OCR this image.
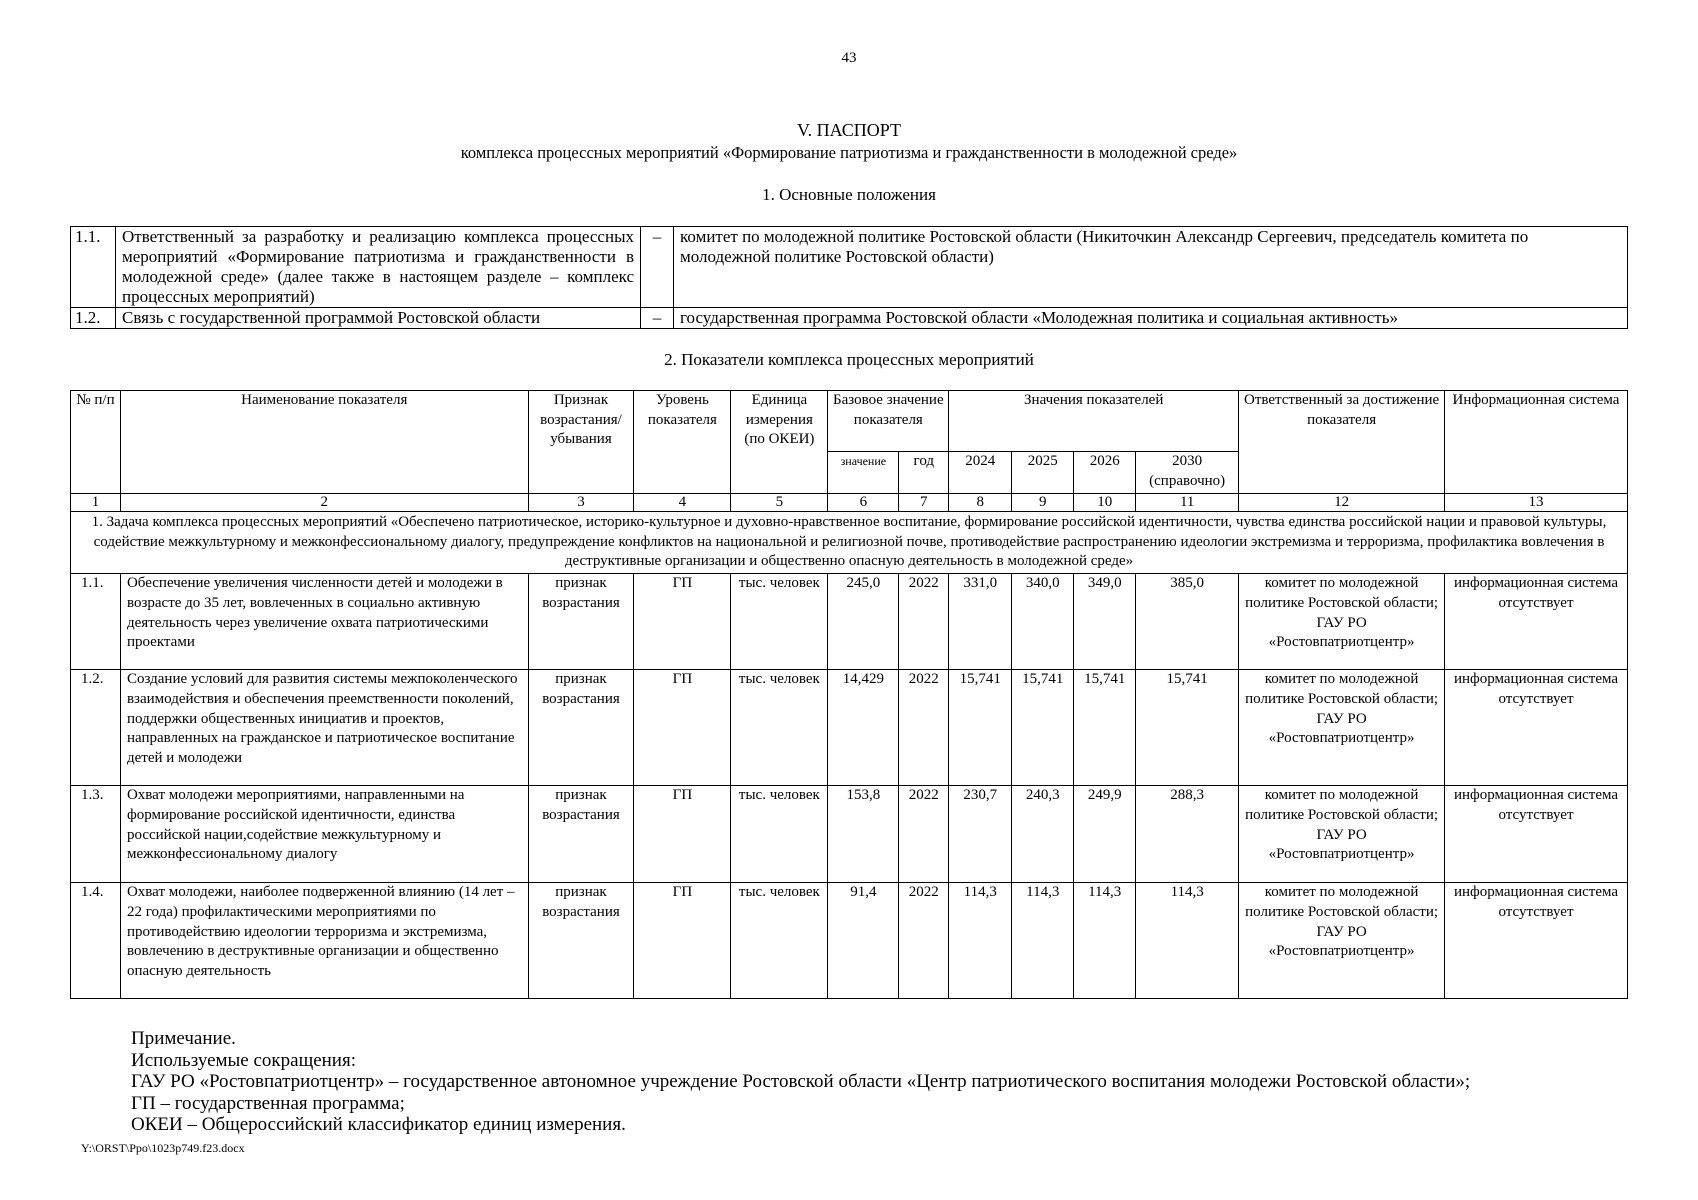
43
V. ПАСПОРТ
комплекса процессных мероприятий «Формирование патриотизма и гражданственности в молодежной среде»
1. Основные положения
1.1.	Ответственный за разработку и реализацию комплекса процессных мероприятий «Формирование патриотизма и гражданственности в молодежной среде» (далее также в настоящем разделе – комплекс процессных мероприятий)	–	комитет по молодежной политике Ростовской области (Никиточкин Александр Сергеевич, председатель комитета по молодежной политике Ростовской области)
1.2.	Связь с государственной программой Ростовской области	–	государственная программа Ростовской области «Молодежная политика и социальная активность»
2. Показатели комплекса процессных мероприятий
№ п/п	Наименование показателя	Признак возрастания/ убывания	Уровень показателя	Единица измерения (по ОКЕИ)	Базовое значение показателя		Значения показателей				Ответственный за достижение показателя	Информационная система
					значение	год	2024	2025	2026	2030 (справочно)		
1	2	3	4	5	6	7	8	9	10	11	12	13
1. Задача комплекса процессных мероприятий «Обеспечено патриотическое, историко-культурное и духовно-нравственное воспитание, формирование российской идентичности, чувства единства российской нации и правовой культуры, содействие межкультурному и межконфессиональному диалогу, предупреждение конфликтов на национальной и религиозной почве, противодействие распространению идеологии экстремизма и терроризма, профилактика вовлечения в деструктивные организации и общественно опасную деятельность в молодежной среде»												
1.1.	Обеспечение увеличения численности детей и молодежи в возрасте до 35 лет, вовлеченных в социально активную деятельность через увеличение охвата патриотическими проектами	признак возрастания	ГП	тыс. человек	245,0	2022	331,0	340,0	349,0	385,0	комитет по молодежной политике Ростовской области; ГАУ РО «Ростовпатриотцентр»	информационная система отсутствует
1.2.	Создание условий для развития системы межпоколенческого взаимодействия и обеспечения преемственности поколений, поддержки общественных инициатив и проектов, направленных на гражданское и патриотическое воспитание детей и молодежи	признак возрастания	ГП	тыс. человек	14,429	2022	15,741	15,741	15,741	15,741	комитет по молодежной политике Ростовской области; ГАУ РО «Ростовпатриотцентр»	информационная система отсутствует
1.3.	Охват молодежи мероприятиями, направленными на формирование российской идентичности, единства российской нации,содействие межкультурному и межконфессиональному диалогу	признак возрастания	ГП	тыс. человек	153,8	2022	230,7	240,3	249,9	288,3	комитет по молодежной политике Ростовской области; ГАУ РО «Ростовпатриотцентр»	информационная система отсутствует
1.4.	Охват молодежи, наиболее подверженной влиянию (14 лет – 22 года) профилактическими мероприятиями по противодействию идеологии терроризма и экстремизма, вовлечению в деструктивные организации и общественно опасную деятельность	признак возрастания	ГП	тыс. человек	91,4	2022	114,3	114,3	114,3	114,3	комитет по молодежной политике Ростовской области; ГАУ РО «Ростовпатриотцентр»	информационная система отсутствует
Примечание.
Используемые сокращения:
ГАУ РО «Ростовпатриотцентр» – государственное автономное учреждение Ростовской области «Центр патриотического воспитания молодежи Ростовской области»;
ГП – государственная программа;
ОКЕИ – Общероссийский классификатор единиц измерения.
Y:\ORST\Ppo\1023p749.f23.docx
